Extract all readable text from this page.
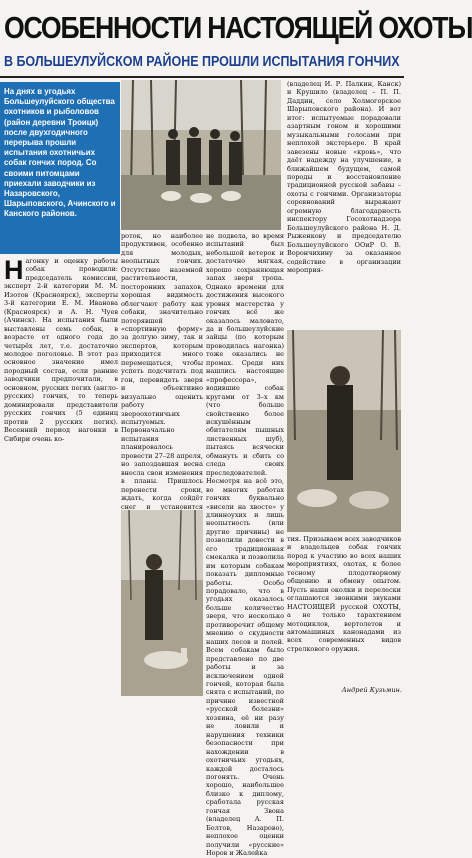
ОСОБЕННОСТИ НАСТОЯЩЕЙ ОХОТЫ
В БОЛЬШЕУЛУЙСКОМ РАЙОНЕ ПРОШЛИ ИСПЫТАНИЯ ГОНЧИХ
На днях в угодьях Большеулуйского общества охотников и рыболовов (район деревни Троицк) после двухгодичного перерыва прошли испытания охотничьих собак гончих пород. Со своими питомцами приехали заводчики из Назаровского, Шарыповского, Ачинского и Канского районов.
Н агонку и оценку работы собак проводили: председатель комиссии, эксперт 2-й категории М. М. Изотов (Красноярск), эксперты 3-й категории Е. М. Иванова (Красноярск) и А. Н. Чуев (Ачинск). На испытания были выставлены семь собак, в возрасте от одного года до четырёх лет, т.е. достаточно молодое поголовье. В этот раз основное значение имел породный состав, если ранние заводчики предпочитали, в основном, русских пегих (англо-русских) гончих, то теперь доминировали представители русских гончих (5 единиц против 2 русских пегих). Весенний период нагонки в Сибири очень ко-
роток, но наиболее продуктивен, особенно для молодых, неопытных гончих. Отсутствие наземной растительности, посторонних запахов, хорошая видимость облегчают работу как собаки, значительно потерявшей «спортивную форму» за долгую зиму, так и экспертов, которым приходится много перемещаться, чтобы успеть подсчитать под гон, перевидеть зверя и объективно визуально оценить работу звероохотничьих испытуемых. Первоначально испытания планировалось провести 27–28 апреля, но запоздавшая весна внесла свои изменения в планы. Пришлось перенести сроки, ждать, когда сойдёт снег и установится
не подвела, во время испытаний был небольшой ветерок и достаточно мягкая, хорошо сохраняющая запах зверя тропа. Однако времени для достижения высокого уровня мастерства у гончих всё же оказалось маловато, да и большеулуйские зайцы (по которым проводилась нагонка) тоже оказались не промах. Среди них нашлись настоящие «профессора», водившие собак кругами от 3–х км (что больше свойственно более искушённым обитателям пышных лиственных шуб), пытаясь всячески обмануть и сбить со следа своих преследователей. Несмотря на всё это, во многих работах гончих буквально «висели на хвосте» у длинноухих и лишь неопытность (или другие причины) не позволили довести в его традиционная смекалка и позволила им которым собакам показать дипломные работы. Особо порадовало, что в угодьях оказалось больше количество зверя, что несколько противоречит общему мнению о скудности наших лесов и полей. Всем собакам было представлено по две работы и за исключением одной гончей, которая была снята с испытаний, по причине известной «русской болезни» хозяина, её ни разу не ловили и нарушения техники безопасности при нахождении в охотничьих угодьях, каждой досталось погонять. Очень хорошо, наибольшее близко к диплому, сработала русская гончая Звона (владелец А. П. Болтов, Назарово), неплохое оценки получили «русские» Норов и Жалейка
(владелец И. Р. Палкин, Канск) и Крушило (владелец – П. П. Даддин, село Холмогорское Шарыповского района). И вот итог: испытуемые порадовали азартным гоном и хорошими музыкальными голосами при неплохой экстерьере. В край завезены новые «кровь», что даёт надежду на улучшение, в ближайшем будущем, самой породы и восстановление традиционной русской забавы – охоты с гончими. Организаторы соревнований выражают огромную благодарность инспектору Госохотнадзора Большеулуйского района Н. Д. Рыженкову и председателю Большеулуйского ООиР О. В. Ворончихину за оказанное содействие в организации мероприя-
тия. Призываем всех заводчиков и владельцев собак гончих пород к участию во всех наших мероприятиях, охотах, к более тесному плодотворному общению и обмену опытом. Пусть наши околки и перелески оглашаются звонкими звуками НАСТОЯЩЕЙ русской ОХОТЫ, а не только тарахтением мотоциклов, вертолетов и автомашиных канонадами из всех современных видов стрелкового оружия.
Андрей Кузьмин.
